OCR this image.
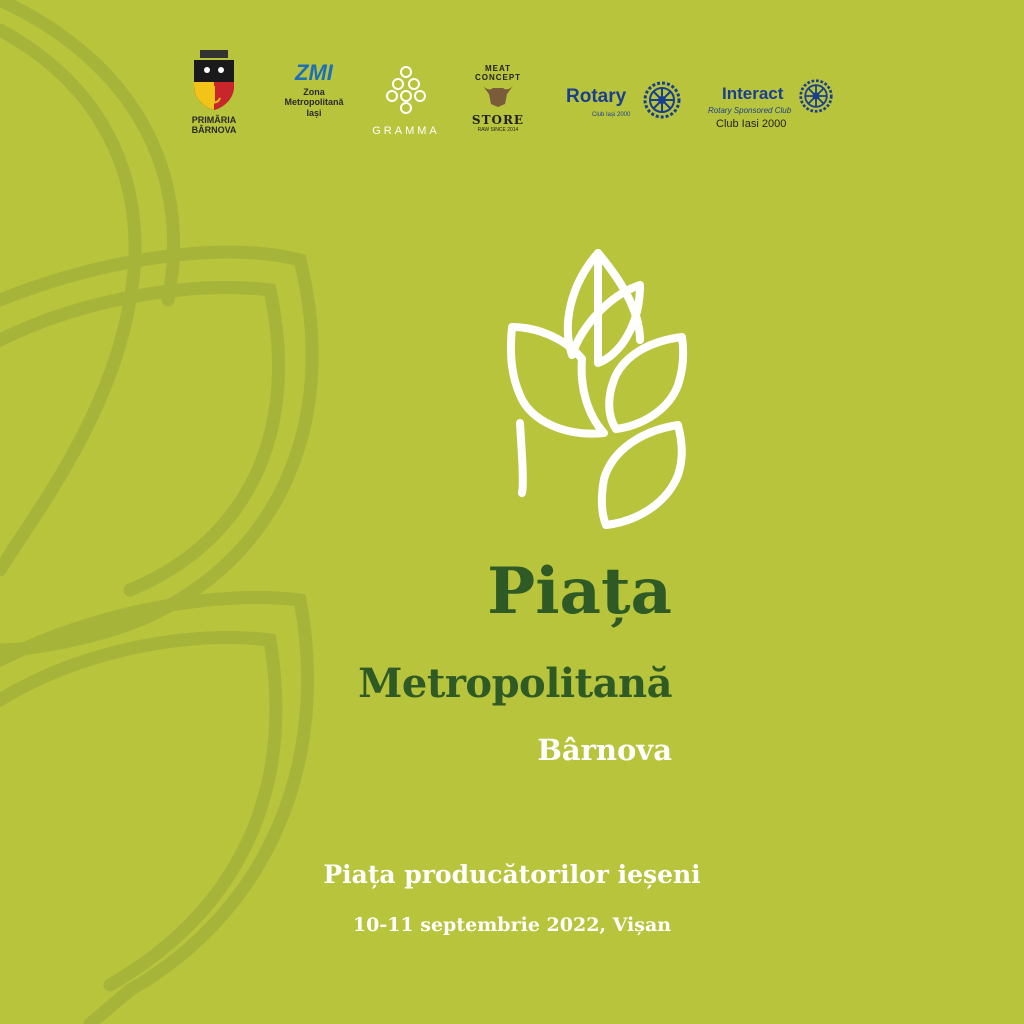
PRIMĂRIA
BÂRNOVA
ZMI
Zona
Metropolitană
Iași
GRAMMA
MEAT CONCEPT
STORE
RAW SINCE 2014
Rotary
Club Iași 2000
Interact
Rotary Sponsored Club
Club Iasi 2000
Piața
Metropolitană
Bârnova
Piața producătorilor ieșeni
10-11 septembrie 2022, Vișan
